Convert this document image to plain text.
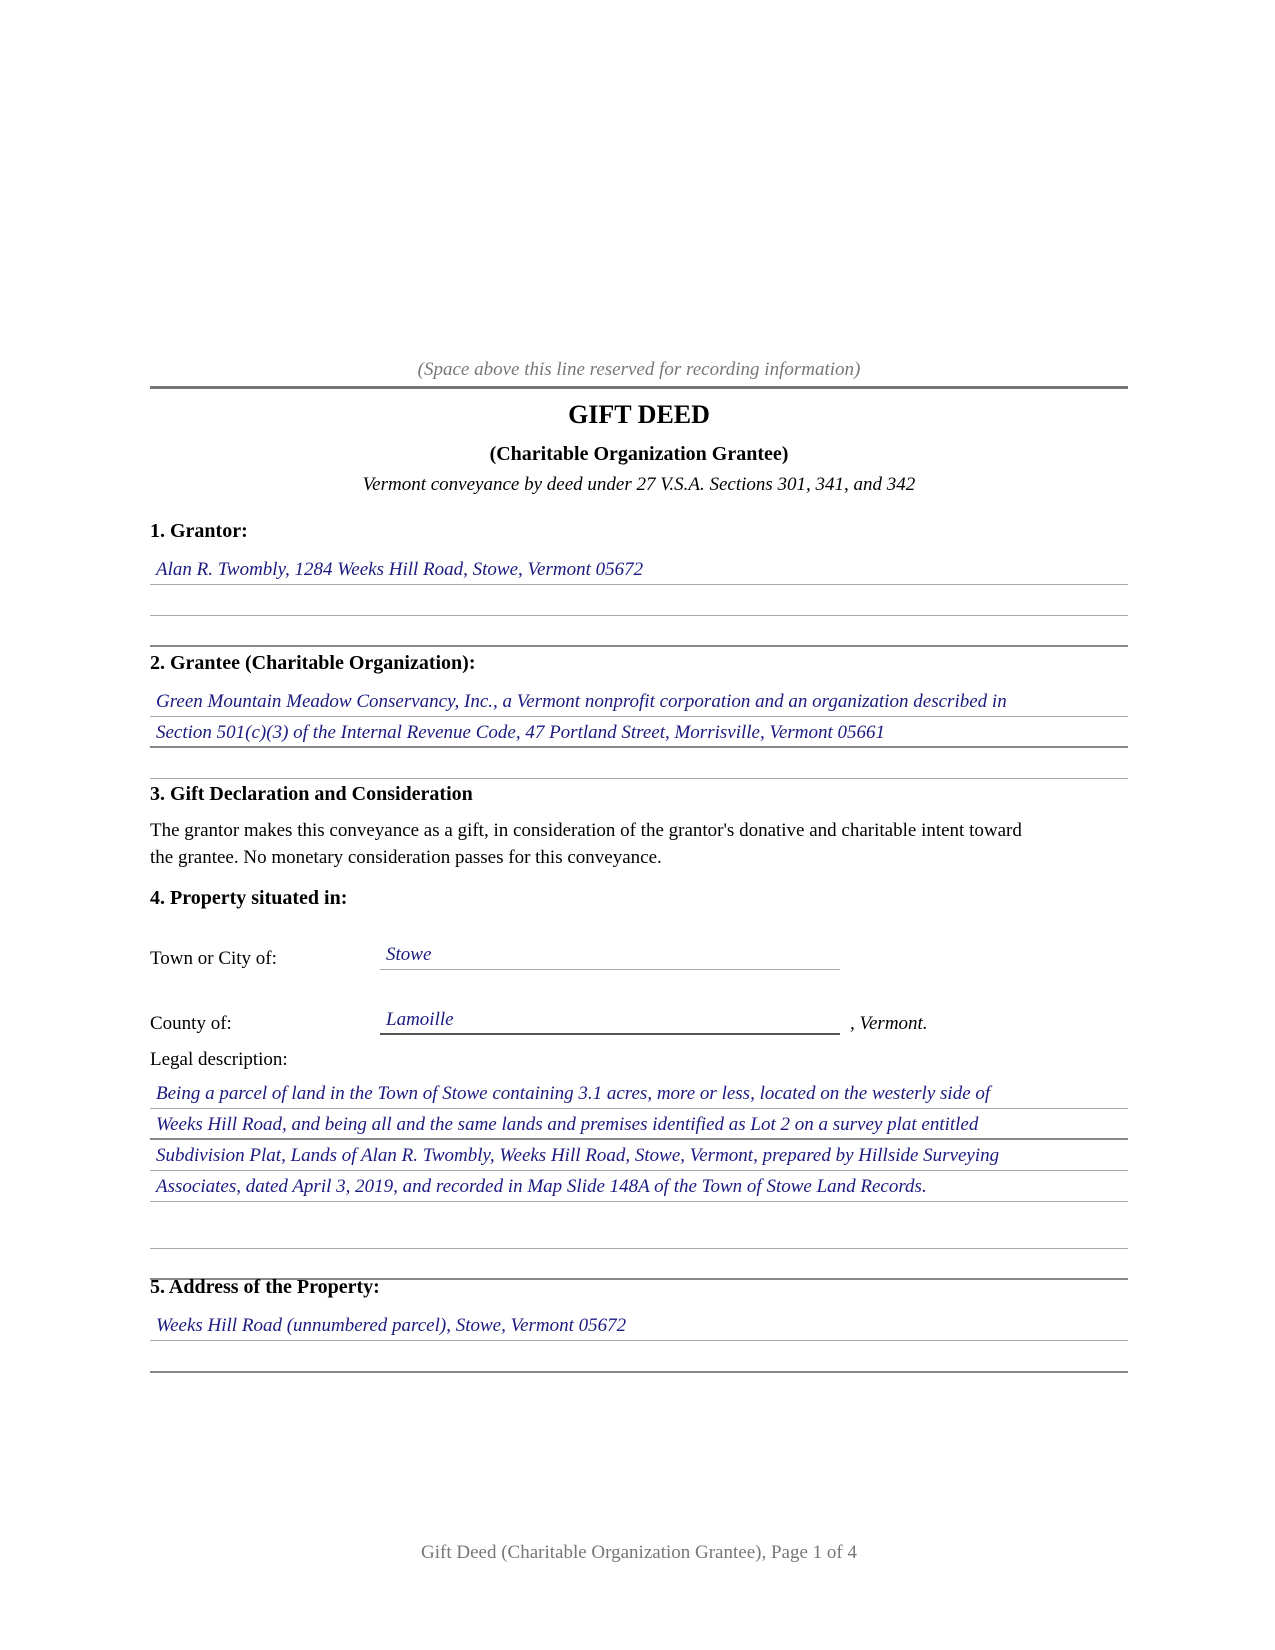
(Space above this line reserved for recording information)
GIFT DEED
(Charitable Organization Grantee)
Vermont conveyance by deed under 27 V.S.A. Sections 301, 341, and 342
1. Grantor:
Alan R. Twombly, 1284 Weeks Hill Road, Stowe, Vermont 05672
2. Grantee (Charitable Organization):
Green Mountain Meadow Conservancy, Inc., a Vermont nonprofit corporation and an organization described in
Section 501(c)(3) of the Internal Revenue Code, 47 Portland Street, Morrisville, Vermont 05661
3. Gift Declaration and Consideration
The grantor makes this conveyance as a gift, in consideration of the grantor's donative and charitable intent toward
the grantee. No monetary consideration passes for this conveyance.
4. Property situated in:
Town or City of:	Stowe
County of:	Lamoille	, Vermont.
Legal description:
Being a parcel of land in the Town of Stowe containing 3.1 acres, more or less, located on the westerly side of
Weeks Hill Road, and being all and the same lands and premises identified as Lot 2 on a survey plat entitled
Subdivision Plat, Lands of Alan R. Twombly, Weeks Hill Road, Stowe, Vermont, prepared by Hillside Surveying
Associates, dated April 3, 2019, and recorded in Map Slide 148A of the Town of Stowe Land Records.
5. Address of the Property:
Weeks Hill Road (unnumbered parcel), Stowe, Vermont 05672
Gift Deed (Charitable Organization Grantee), Page 1 of 4
